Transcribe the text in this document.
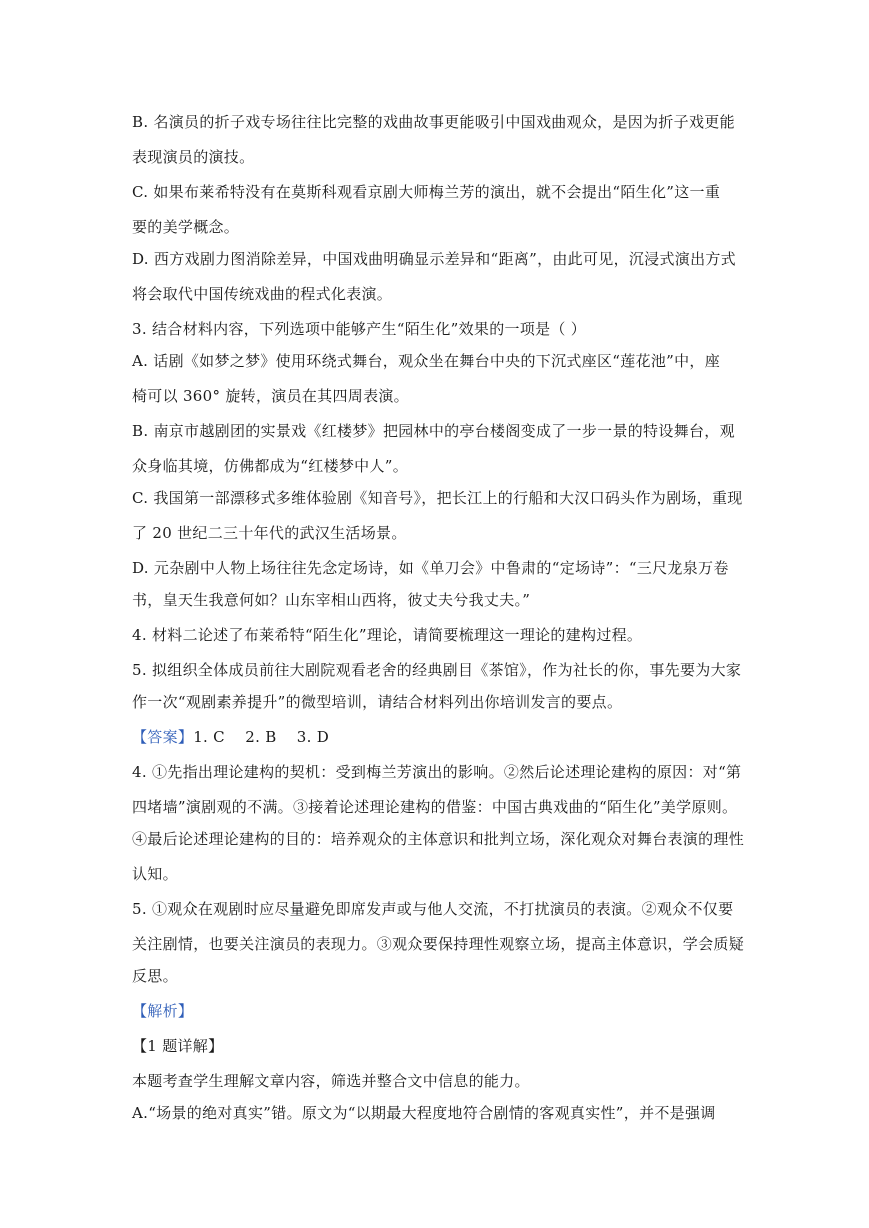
B. 名演员的折子戏专场往往比完整的戏曲故事更能吸引中国戏曲观众，是因为折子戏更能
表现演员的演技。
C. 如果布莱希特没有在莫斯科观看京剧大师梅兰芳的演出，就不会提出“陌生化”这一重
要的美学概念。
D. 西方戏剧力图消除差异，中国戏曲明确显示差异和“距离”，由此可见，沉浸式演出方式
将会取代中国传统戏曲的程式化表演。
3. 结合材料内容，下列选项中能够产生“陌生化”效果的一项是（ ）
A. 话剧《如梦之梦》使用环绕式舞台，观众坐在舞台中央的下沉式座区“莲花池”中，座
椅可以 360° 旋转，演员在其四周表演。
B. 南京市越剧团的实景戏《红楼梦》把园林中的亭台楼阁变成了一步一景的特设舞台，观
众身临其境，仿佛都成为“红楼梦中人”。
C. 我国第一部漂移式多维体验剧《知音号》，把长江上的行船和大汉口码头作为剧场，重现
了 20 世纪二三十年代的武汉生活场景。
D. 元杂剧中人物上场往往先念定场诗，如《单刀会》中鲁肃的“定场诗”：“三尺龙泉万卷
书，皇天生我意何如？山东宰相山西将，彼丈夫兮我丈夫。”
4. 材料二论述了布莱希特“陌生化”理论，请简要梳理这一理论的建构过程。
5. 拟组织全体成员前往大剧院观看老舍的经典剧目《茶馆》，作为社长的你，事先要为大家
作一次“观剧素养提升”的微型培训，请结合材料列出你培训发言的要点。
【答案】1. C    2. B    3. D
4. ①先指出理论建构的契机：受到梅兰芳演出的影响。②然后论述理论建构的原因：对“第
四堵墙”演剧观的不满。③接着论述理论建构的借鉴：中国古典戏曲的“陌生化”美学原则。
④最后论述理论建构的目的：培养观众的主体意识和批判立场，深化观众对舞台表演的理性
认知。
5. ①观众在观剧时应尽量避免即席发声或与他人交流，不打扰演员的表演。②观众不仅要
关注剧情，也要关注演员的表现力。③观众要保持理性观察立场，提高主体意识，学会质疑
反思。
【解析】
【1 题详解】
本题考查学生理解文章内容，筛选并整合文中信息的能力。
A.“场景的绝对真实”错。原文为“以期最大程度地符合剧情的客观真实性”，并不是强调
